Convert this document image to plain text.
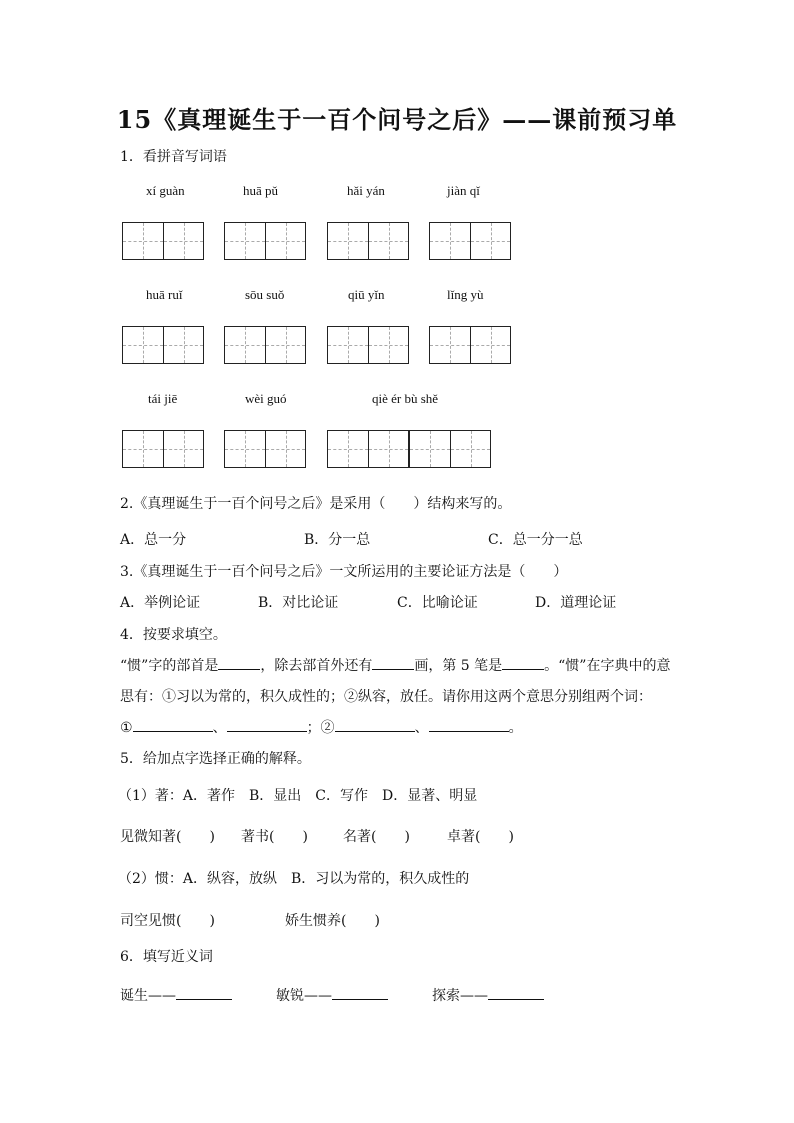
15《真理诞生于一百个问号之后》——课前预习单
1．看拼音写词语
xí guàn	huā pǔ	hǎi yán	jiàn qǐ
huā ruǐ	sōu suǒ	qiū yǐn	lǐng yù
tái jiē	wèi guó	qiè ér bù shě
2.《真理诞生于一百个问号之后》是采用（　　）结构来写的。
A．总一分	B．分一总	C．总一分一总
3.《真理诞生于一百个问号之后》一文所运用的主要论证方法是（　　）
A．举例论证	B．对比论证	C．比喻论证	D．道理论证
4．按要求填空。
“惯”字的部首是	，除去部首外还有	画，第 5 笔是	。“惯”在字典中的意
思有：①习以为常的，积久成性的；②纵容，放任。请你用这两个意思分别组两个词：
①	、	；②	、	。
5．给加点字选择正确的解释。
（1）著：A．著作　B．显出　C．写作　D．显著、明显
见微知著(　　) 著书(　　)	名著(　　)	卓著(　　)
（2）惯：A．纵容，放纵　B．习以为常的，积久成性的
司空见惯(　　)	娇生惯养(　　)
6．填写近义词
诞生——	敏锐——	探索——
